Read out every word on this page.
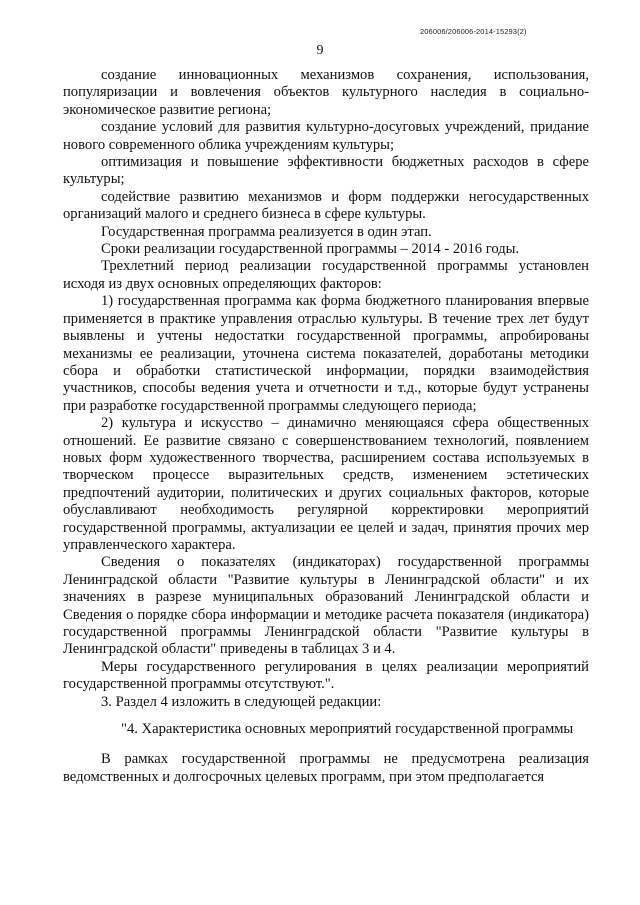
206006/206006-2014-15293(2)
9

создание инновационных механизмов сохранения, использования, популяризации и вовлечения объектов культурного наследия в социально-экономическое развитие региона;

создание условий для развития культурно-досуговых учреждений, придание нового современного облика учреждениям культуры;

оптимизация и повышение эффективности бюджетных расходов в сфере культуры;

содействие развитию механизмов и форм поддержки негосударственных организаций малого и среднего бизнеса в сфере культуры.

Государственная программа реализуется в один этап.

Сроки реализации государственной программы – 2014 - 2016 годы.

Трехлетний период реализации государственной программы установлен исходя из двух основных определяющих факторов:

1) государственная программа как форма бюджетного планирования впервые применяется в практике управления отраслью культуры. В течение трех лет будут выявлены и учтены недостатки государственной программы, апробированы механизмы ее реализации, уточнена система показателей, доработаны методики сбора и обработки статистической информации, порядки взаимодействия участников, способы ведения учета и отчетности и т.д., которые будут устранены при разработке государственной программы следующего периода;

2) культура и искусство – динамично меняющаяся сфера общественных отношений. Ее развитие связано с совершенствованием технологий, появлением новых форм художественного творчества, расширением состава используемых в творческом процессе выразительных средств, изменением эстетических предпочтений аудитории, политических и других социальных факторов, которые обуславливают необходимость регулярной корректировки мероприятий государственной программы, актуализации ее целей и задач, принятия прочих мер управленческого характера.

Сведения о показателях (индикаторах) государственной программы Ленинградской области "Развитие культуры в Ленинградской области" и их значениях в разрезе муниципальных образований Ленинградской области и Сведения о порядке сбора информации и методике расчета показателя (индикатора) государственной программы Ленинградской области "Развитие культуры в Ленинградской области" приведены в таблицах 3 и 4.

Меры государственного регулирования в целях реализации мероприятий государственной программы отсутствуют.".

3. Раздел 4 изложить в следующей редакции:

"4. Характеристика основных мероприятий государственной программы

В рамках государственной программы не предусмотрена реализация ведомственных и долгосрочных целевых программ, при этом предполагается
